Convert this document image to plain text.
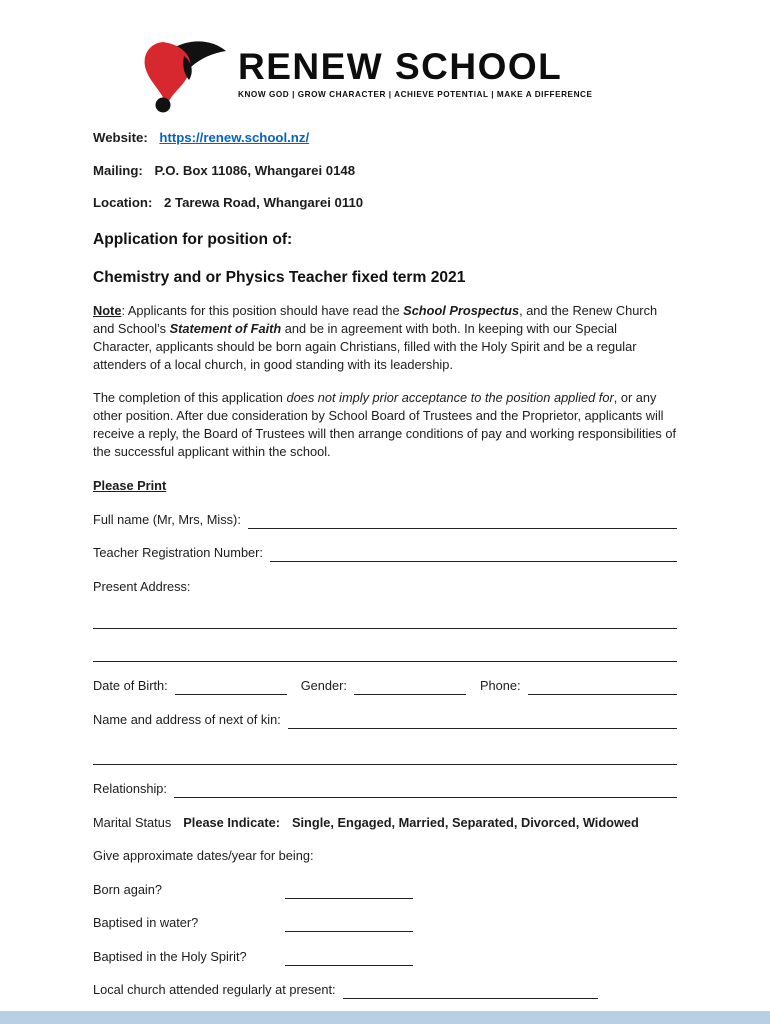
RENEW SCHOOL
KNOW GOD | GROW CHARACTER | ACHIEVE POTENTIAL | MAKE A DIFFERENCE

Website: https://renew.school.nz/

Mailing: P.O. Box 11086, Whangarei 0148

Location: 2 Tarewa Road, Whangarei 0110

Application for position of:
Chemistry and or Physics Teacher fixed term 2021

Note: Applicants for this position should have read the School Prospectus, and the Renew Church and School’s Statement of Faith and be in agreement with both. In keeping with our Special Character, applicants should be born again Christians, filled with the Holy Spirit and be a regular attenders of a local church, in good standing with its leadership.

The completion of this application does not imply prior acceptance to the position applied for, or any other position. After due consideration by School Board of Trustees and the Proprietor, applicants will receive a reply, the Board of Trustees will then arrange conditions of pay and working responsibilities of the successful applicant within the school.

Please Print

Full name (Mr, Mrs, Miss):
Teacher Registration Number:
Present Address:
Date of Birth:	Gender:	Phone:
Name and address of next of kin:
Relationship:
Marital Status Please Indicate: Single, Engaged, Married, Separated, Divorced, Widowed
Give approximate dates/year for being:
Born again?
Baptised in water?
Baptised in the Holy Spirit?
Local church attended regularly at present:
